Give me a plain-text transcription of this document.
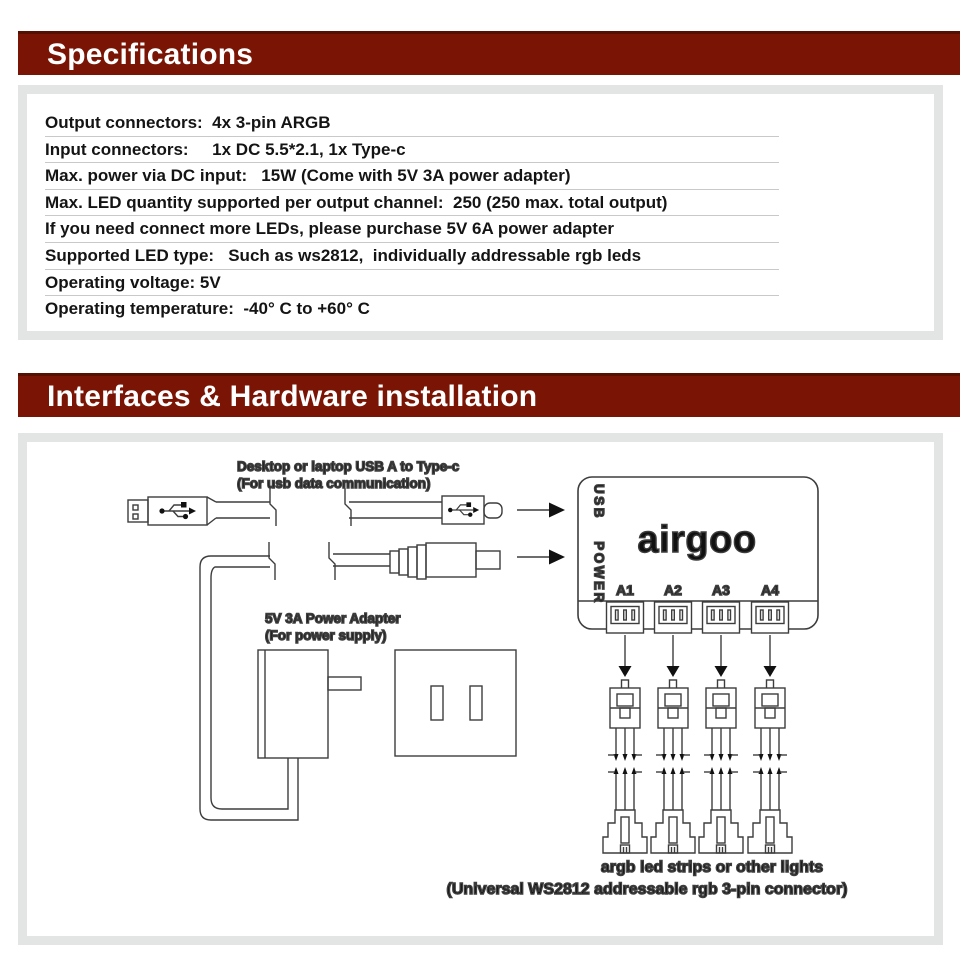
Specifications
Output connectors:  4x 3-pin ARGB
Input connectors:     1x DC 5.5*2.1, 1x Type-c
Max. power via DC input:   15W (Come with 5V 3A power adapter)
Max. LED quantity supported per output channel:  250 (250 max. total output)
If you need connect more LEDs, please purchase 5V 6A power adapter
Supported LED type:   Such as ws2812,  individually addressable rgb leds
Operating voltage: 5V
Operating temperature:  -40° C to +60° C
Interfaces & Hardware installation
Desktop or laptop USB A to Type-c
(For usb data communication)
5V 3A Power Adapter
(For power supply)
USB
POWER
airgoo
A1 A2 A3 A4
argb led strips or other lights
(Universal WS2812 addressable rgb 3-pin connector)
